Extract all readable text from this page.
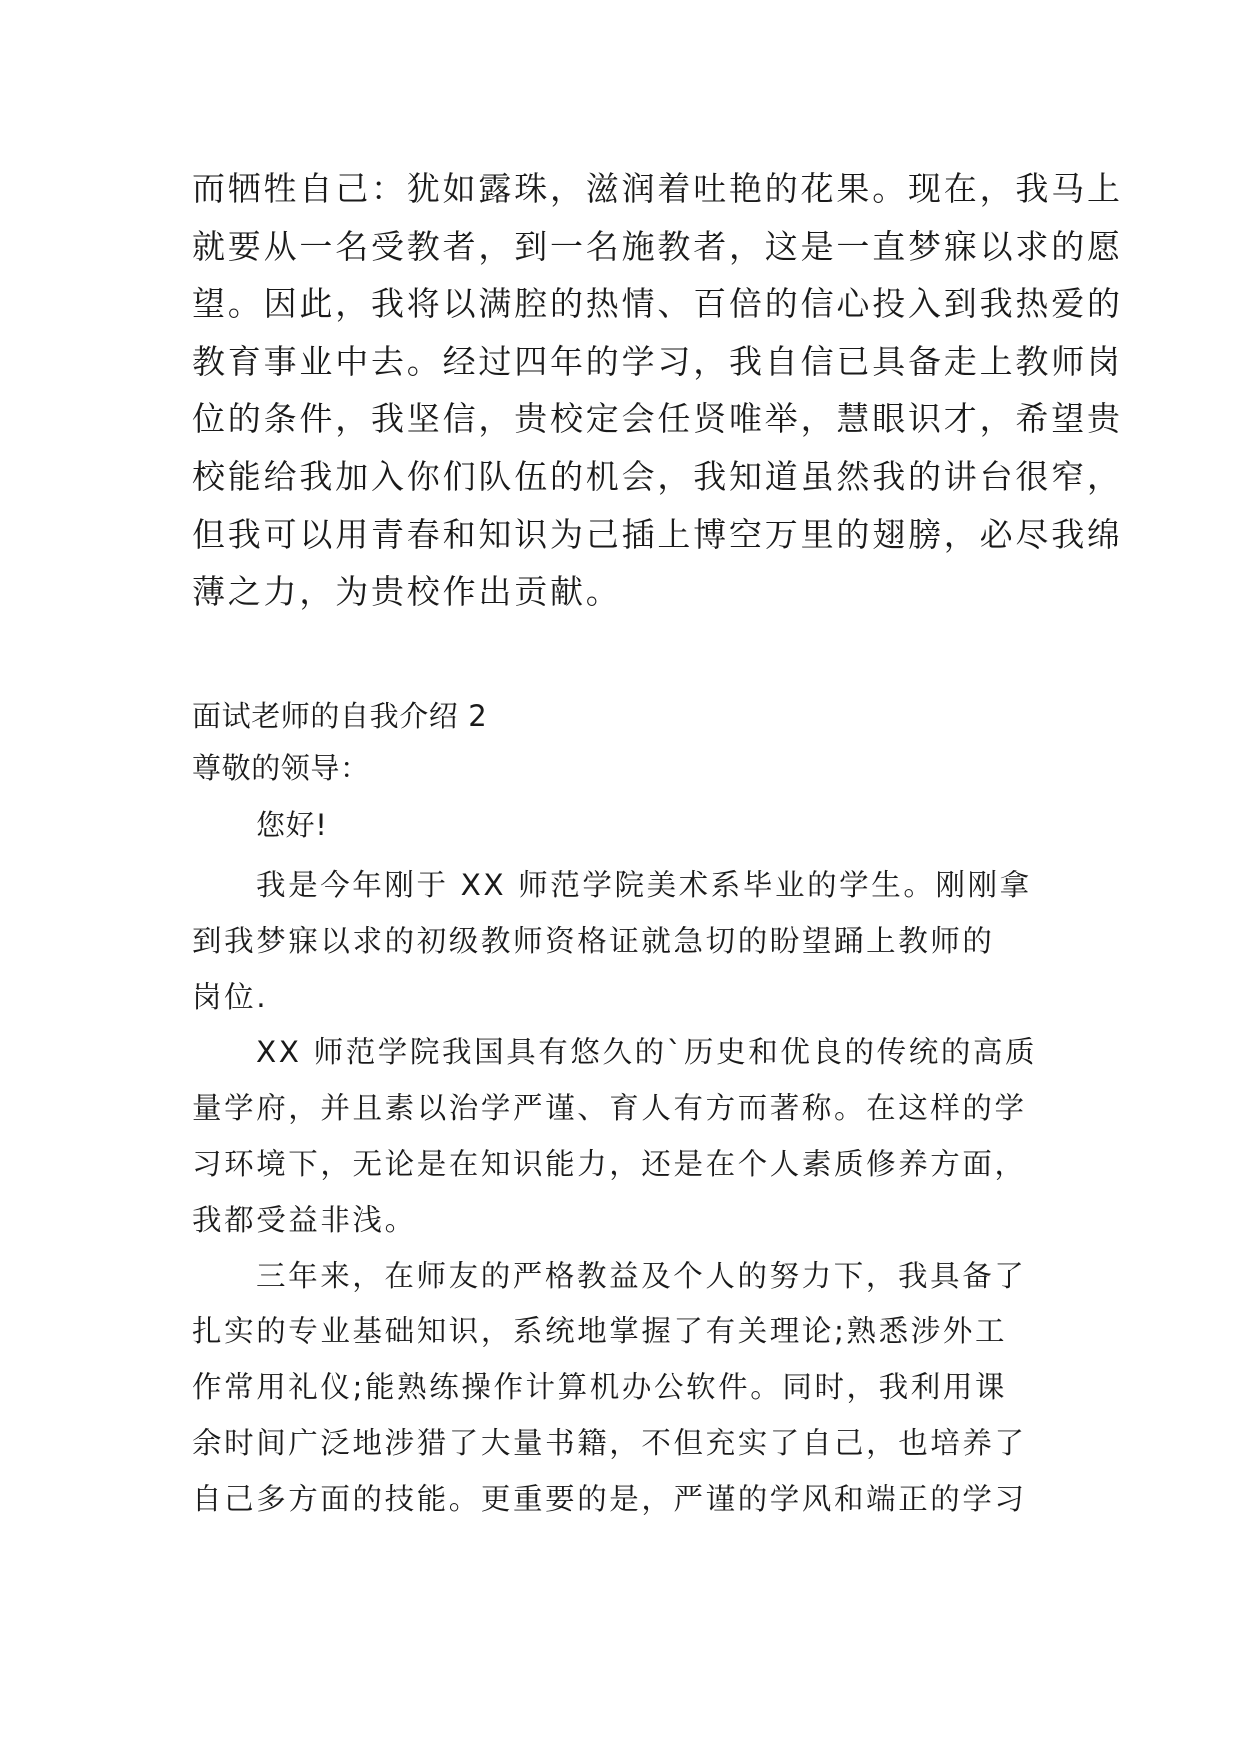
而牺牲自己：犹如露珠，滋润着吐艳的花果。现在，我马上
就要从一名受教者，到一名施教者，这是一直梦寐以求的愿
望。因此，我将以满腔的热情、百倍的信心投入到我热爱的
教育事业中去。经过四年的学习，我自信已具备走上教师岗
位的条件，我坚信，贵校定会任贤唯举，慧眼识才，希望贵
校能给我加入你们队伍的机会，我知道虽然我的讲台很窄，
但我可以用青春和知识为己插上博空万里的翅膀，必尽我绵
薄之力，为贵校作出贡献。
面试老师的自我介绍 2
尊敬的领导：
您好!
我是今年刚于 XX 师范学院美术系毕业的学生。刚刚拿
到我梦寐以求的初级教师资格证就急切的盼望踊上教师的
岗位.
XX 师范学院我国具有悠久的`历史和优良的传统的高质
量学府，并且素以治学严谨、育人有方而著称。在这样的学
习环境下，无论是在知识能力，还是在个人素质修养方面，
我都受益非浅。
三年来，在师友的严格教益及个人的努力下，我具备了
扎实的专业基础知识，系统地掌握了有关理论;熟悉涉外工
作常用礼仪;能熟练操作计算机办公软件。同时，我利用课
余时间广泛地涉猎了大量书籍，不但充实了自己，也培养了
自己多方面的技能。更重要的是，严谨的学风和端正的学习
